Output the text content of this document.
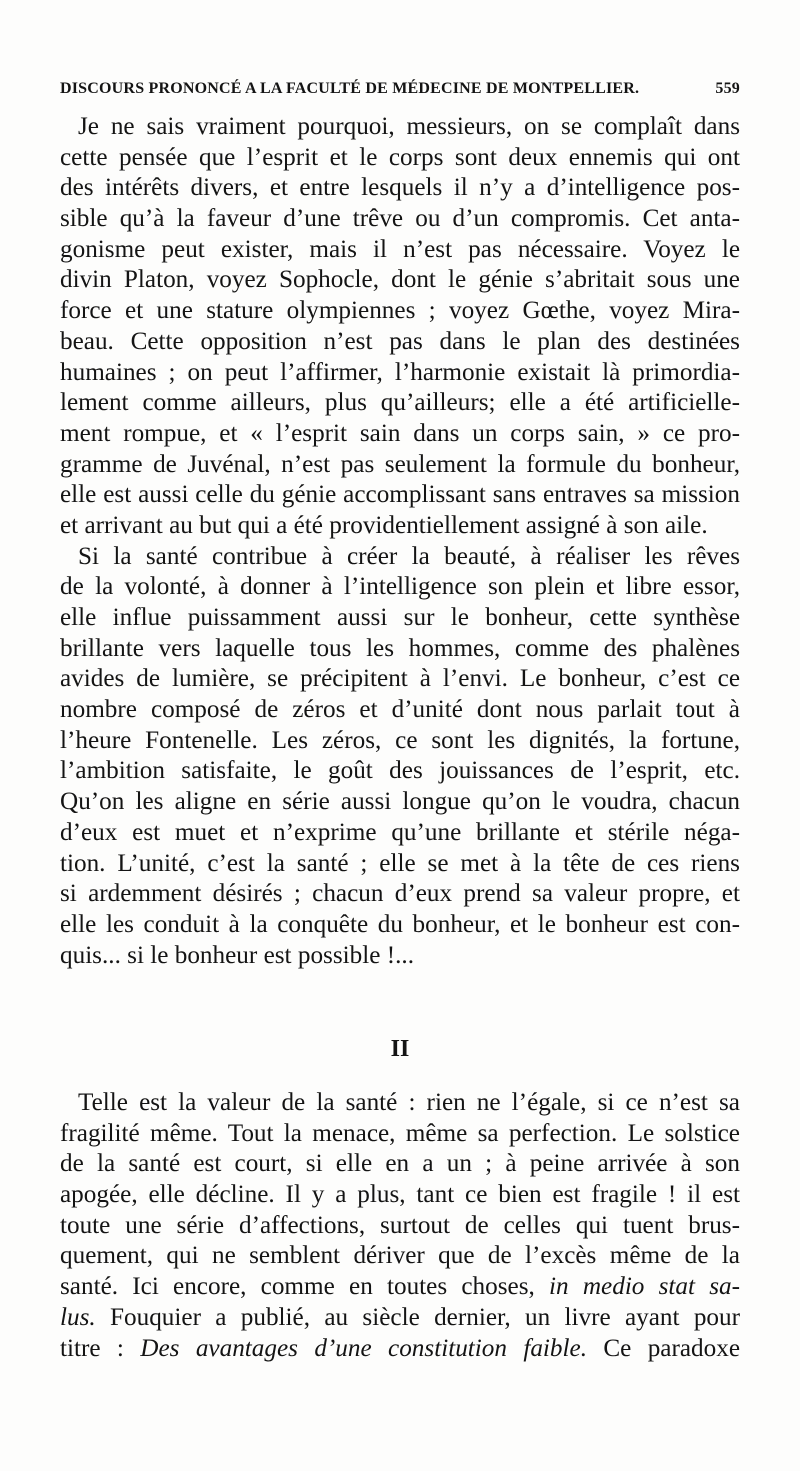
DISCOURS PRONONCÉ A LA FACULTÉ DE MÉDECINE DE MONTPELLIER.	559
Je ne sais vraiment pourquoi, messieurs, on se complaît dans
cette pensée que l’esprit et le corps sont deux ennemis qui ont
des intérêts divers, et entre lesquels il n’y a d’intelligence pos-
sible qu’à la faveur d’une trêve ou d’un compromis. Cet anta-
gonisme peut exister, mais il n’est pas nécessaire. Voyez le
divin Platon, voyez Sophocle, dont le génie s’abritait sous une
force et une stature olympiennes ; voyez Gœthe, voyez Mira-
beau. Cette opposition n’est pas dans le plan des destinées
humaines ; on peut l’affirmer, l’harmonie existait là primordia-
lement comme ailleurs, plus qu’ailleurs; elle a été artificielle-
ment rompue, et « l’esprit sain dans un corps sain, » ce pro-
gramme de Juvénal, n’est pas seulement la formule du bonheur,
elle est aussi celle du génie accomplissant sans entraves sa mission
et arrivant au but qui a été providentiellement assigné à son aile.
Si la santé contribue à créer la beauté, à réaliser les rêves
de la volonté, à donner à l’intelligence son plein et libre essor,
elle influe puissamment aussi sur le bonheur, cette synthèse
brillante vers laquelle tous les hommes, comme des phalènes
avides de lumière, se précipitent à l’envi. Le bonheur, c’est ce
nombre composé de zéros et d’unité dont nous parlait tout à
l’heure Fontenelle. Les zéros, ce sont les dignités, la fortune,
l’ambition satisfaite, le goût des jouissances de l’esprit, etc.
Qu’on les aligne en série aussi longue qu’on le voudra, chacun
d’eux est muet et n’exprime qu’une brillante et stérile néga-
tion. L’unité, c’est la santé ; elle se met à la tête de ces riens
si ardemment désirés ; chacun d’eux prend sa valeur propre, et
elle les conduit à la conquête du bonheur, et le bonheur est con-
quis... si le bonheur est possible !...
II
Telle est la valeur de la santé : rien ne l’égale, si ce n’est sa
fragilité même. Tout la menace, même sa perfection. Le solstice
de la santé est court, si elle en a un ; à peine arrivée à son
apogée, elle décline. Il y a plus, tant ce bien est fragile ! il est
toute une série d’affections, surtout de celles qui tuent brus-
quement, qui ne semblent dériver que de l’excès même de la
santé. Ici encore, comme en toutes choses, in medio stat sa-
lus. Fouquier a publié, au siècle dernier, un livre ayant pour
titre : Des avantages d’une constitution faible. Ce paradoxe
